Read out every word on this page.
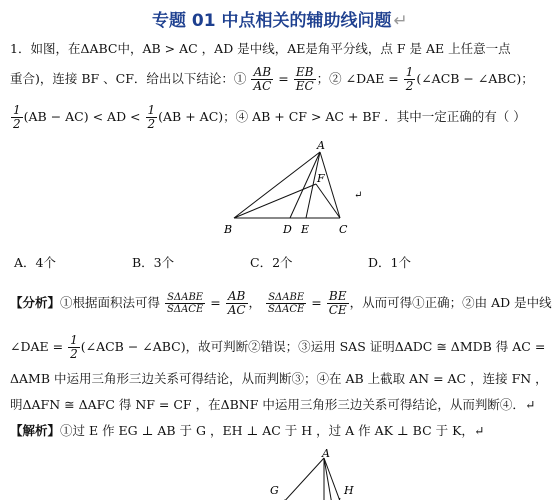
专题 01 中点相关的辅助线问题 ↵
1．如图，在ΔABC中，AB > AC ，AD 是中线，AE是角平分线，点 F 是 AE 上任意一点
重合)，连接 BF 、CF．给出以下结论：① $\frac{AB}{AC} = \frac{EB}{EC}$ ；② ∠DAE = $\frac{1}{2}$ (∠ACB − ∠ABC)；
$\frac{1}{2} (AB - AC)$ < AD < $\frac{1}{2} (AB + AC)$；④ AB + CF > AC + BF ．其中一定正确的有（ ）
A
B	D E	C
F
↵
A．4个	B．3个	C．2个	D．1个
【分析】①根据面积法可得 $\frac{\text{SΔABE}}{\text{SΔACE}} = \frac{AB}{AC}$ ， $\frac{\text{SΔABE}}{\text{SΔACE}} = \frac{BE}{CE}$ ，从而可得①正确；②由 AD 是中线
∠DAE = $\frac{1}{2}$ (∠ACB − ∠ABC)，故可判断②错误；③运用 SAS 证明ΔADC ≅ ΔMDB 得 AC =
ΔAMB 中运用三角形三边关系可得结论，从而判断③；④在 AB 上截取 AN = AC ，连接 FN ，
明ΔAFN ≅ ΔAFC 得 NF = CF ，在ΔBNF 中运用三角形三边关系可得结论，从而判断④．↵
【解析】①过 E 作 EG ⊥ AB 于 G ，EH ⊥ AC 于 H ，过 A 作 AK ⊥ BC 于 K，↵
A
G	H
